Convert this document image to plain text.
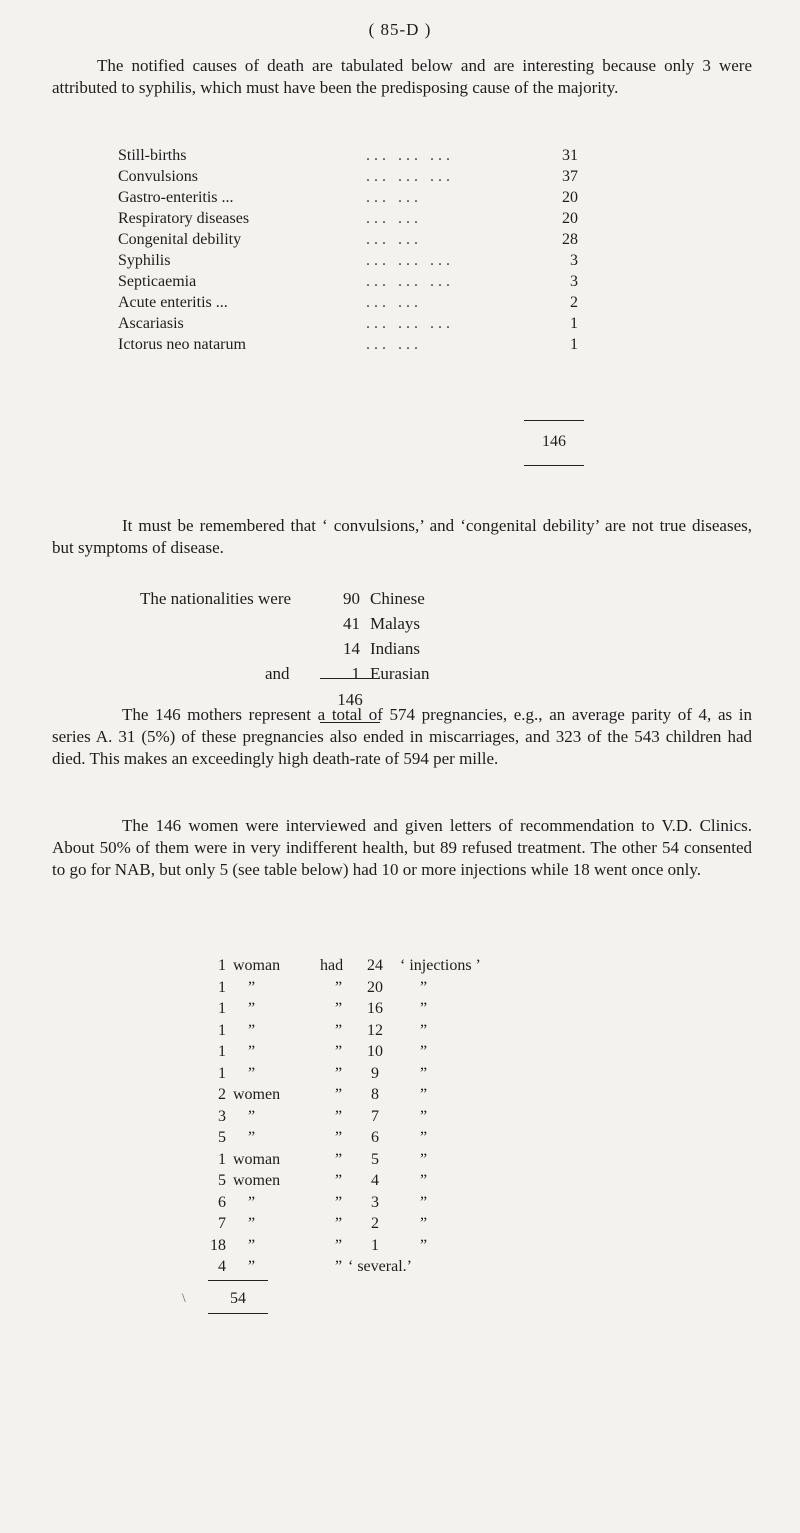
( 85-D )
The notified causes of death are tabulated below and are interesting because only 3 were attributed to syphilis, which must have been the predisposing cause of the majority.
Still-births	... ... ...	31
Convulsions	... ... ...	37
Gastro-enteritis ...	... ...	20
Respiratory diseases	... ...	20
Congenital debility	... ...	28
Syphilis	... ... ...	3
Septicaemia	... ... ...	3
Acute enteritis ...	... ...	2
Ascariasis	... ... ...	1
Ictorus neo natarum	... ...	1
146
It must be remembered that ‘ convulsions,’ and ‘congenital debility’ are not true diseases, but symptoms of disease.
The nationalities were	90 Chinese
41 Malays
14 Indians
and	1 Eurasian
146
The 146 mothers represent a total of 574 pregnancies, e.g., an average parity of 4, as in series A. 31 (5%) of these pregnancies also ended in miscarriages, and 323 of the 543 children had died. This makes an exceedingly high death-rate of 594 per mille.
The 146 women were interviewed and given letters of recommendation to V.D. Clinics. About 50% of them were in very indifferent health, but 89 refused treatment. The other 54 consented to go for NAB, but only 5 (see table below) had 10 or more injections while 18 went once only.
1 woman had	24	‘ injections ’
1 ”	”	20	”
1 ”	”	16	”
1 ”	”	12	”
1 ”	”	10	”
1 ”	”	9	”
2 women	”	8	”
3 ”	”	7	”
5 ”	”	6	”
1 woman	”	5	”
5 women	”	4	”
6 ”	”	3	”
7 ”	”	2	”
18 ”	”	1	”
4 ”	” ‘ several.’
\	54
